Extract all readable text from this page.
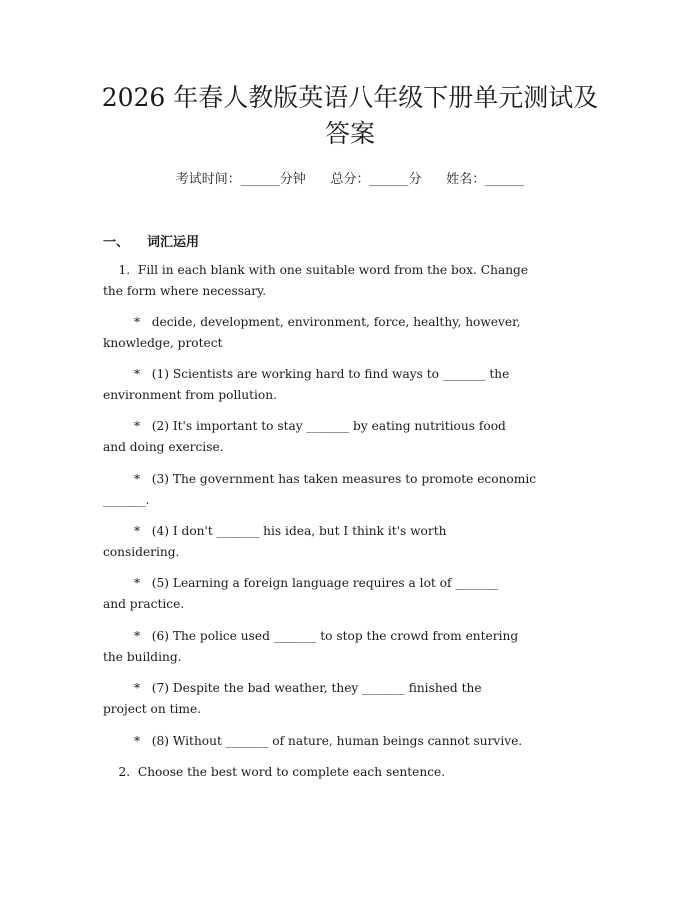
2026 年春人教版英语八年级下册单元测试及
答案
考试时间：______分钟      总分：______分      姓名：______
一、 词汇运用

1.  Fill in each blank with one suitable word from the box. Change
the form where necessary.

*   decide, development, environment, force, healthy, however,
knowledge, protect

*   (1) Scientists are working hard to find ways to _______ the
environment from pollution.

*   (2) It's important to stay _______ by eating nutritious food
and doing exercise.

*   (3) The government has taken measures to promote economic
_______.

*   (4) I don't _______ his idea, but I think it's worth
considering.

*   (5) Learning a foreign language requires a lot of _______
and practice.

*   (6) The police used _______ to stop the crowd from entering
the building.

*   (7) Despite the bad weather, they _______ finished the
project on time.

*   (8) Without _______ of nature, human beings cannot survive.

2.  Choose the best word to complete each sentence.
